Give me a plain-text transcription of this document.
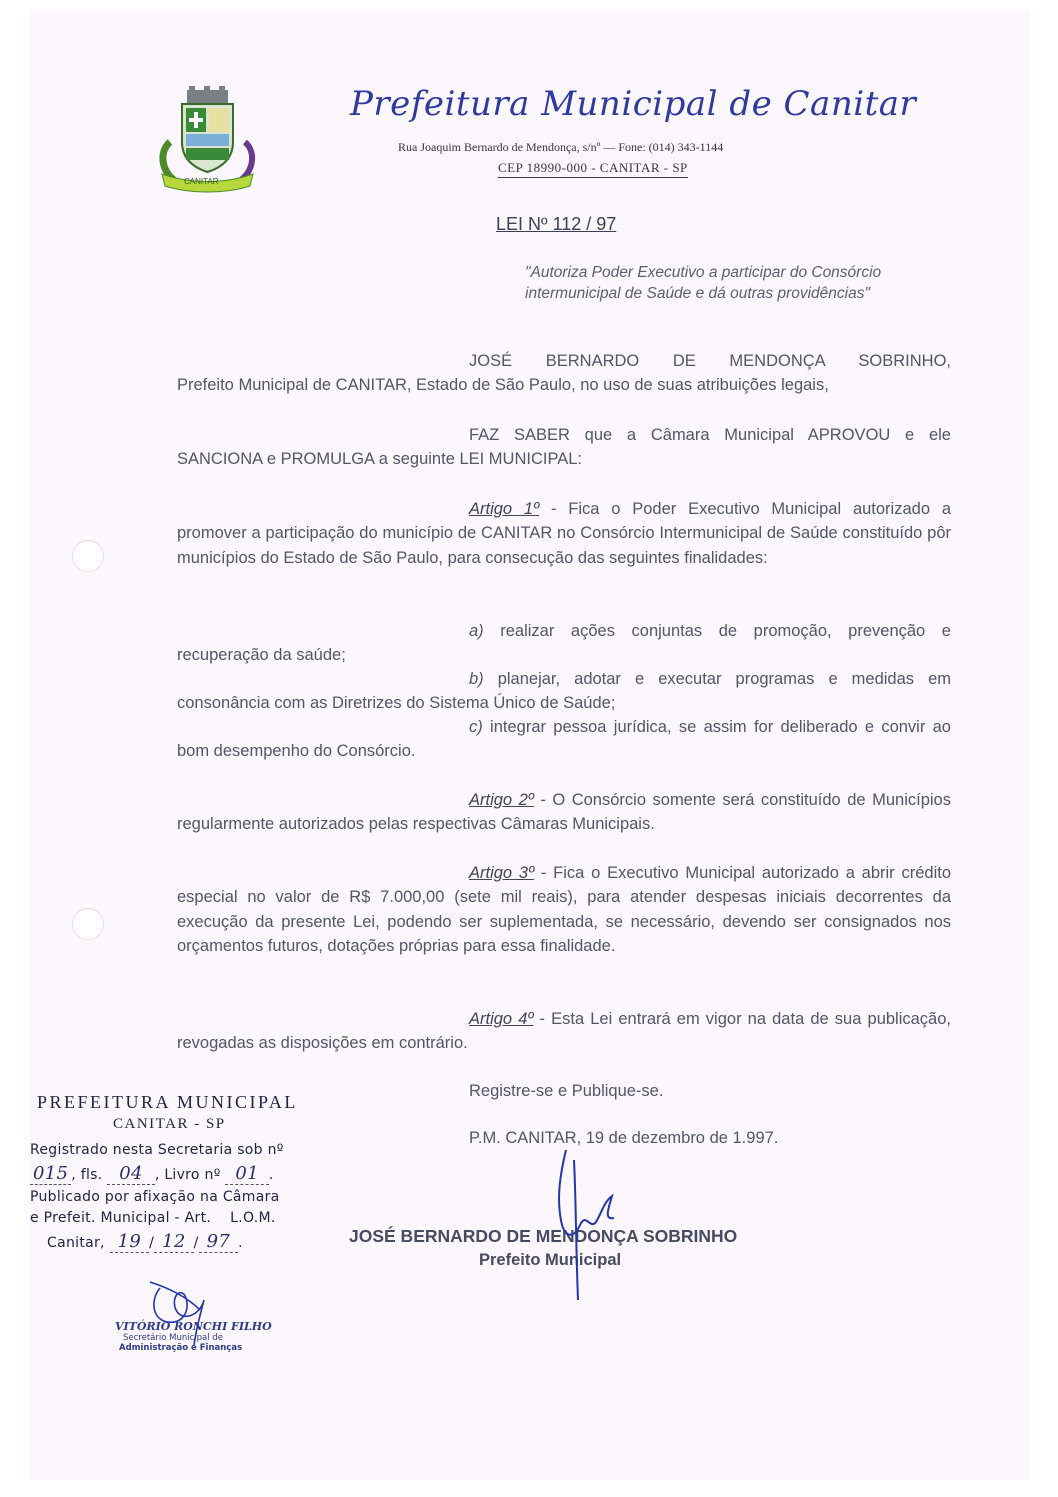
CANITAR
Prefeitura Municipal de Canitar
Rua Joaquim Bernardo de Mendonça, s/nº — Fone: (014) 343-1144
CEP 18990-000 - CANITAR - SP
LEI Nº 112 / 97
"Autoriza Poder Executivo a participar do Consórcio intermunicipal de Saúde e dá outras providências"
JOSÉ BERNARDO DE MENDONÇA SOBRINHO,
Prefeito Municipal de CANITAR, Estado de São Paulo, no uso de suas atribuições legais,
FAZ SABER que a Câmara Municipal APROVOU e ele
SANCIONA e PROMULGA a seguinte LEI MUNICIPAL:
Artigo 1º - Fica o Poder Executivo Municipal autorizado a promover a participação do município de CANITAR no Consórcio Intermunicipal de Saúde constituído pôr municípios do Estado de São Paulo, para consecução das seguintes finalidades:
a) realizar ações conjuntas de promoção, prevenção e recuperação da saúde;
b) planejar, adotar e executar programas e medidas em consonância com as Diretrizes do Sistema Único de Saúde;
c) integrar pessoa jurídica, se assim for deliberado e convir ao bom desempenho do Consórcio.
Artigo 2º - O Consórcio somente será constituído de Municípios regularmente autorizados pelas respectivas Câmaras Municipais.
Artigo 3º - Fica o Executivo Municipal autorizado a abrir crédito especial no valor de R$ 7.000,00 (sete mil reais), para atender despesas iniciais decorrentes da execução da presente Lei, podendo ser suplementada, se necessário, devendo ser consignados nos orçamentos futuros, dotações próprias para essa finalidade.
Artigo 4º - Esta Lei entrará em vigor na data de sua publicação, revogadas as disposições em contrário.
Registre-se e Publique-se.
P.M. CANITAR, 19 de dezembro de 1.997.
JOSÉ BERNARDO DE MENDONÇA SOBRINHO
Prefeito Municipal
PREFEITURA MUNICIPAL
CANITAR - SP
Registrado nesta Secretaria sob nº
015 , fls. 04 , Livro nº 01 .
Publicado por afixação na Câmara
e Prefeit. Municipal - Art.    L.O.M.
Canitar, 19 / 12 / 97 .
VITÓRIO RONCHI FILHO
Secretário Municipal de
Administração e Finanças
